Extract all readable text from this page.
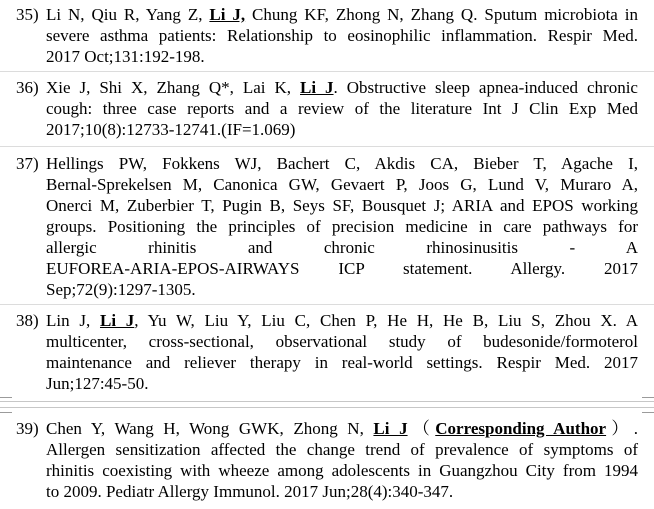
35) Li N, Qiu R, Yang Z, Li J, Chung KF, Zhong N, Zhang Q. Sputum microbiota in
severe asthma patients: Relationship to eosinophilic inflammation. Respir Med.
2017 Oct;131:192-198.
36) Xie J, Shi X, Zhang Q*, Lai K, Li J. Obstructive sleep apnea-induced chronic
cough: three case reports and a review of the literature Int J Clin Exp Med
2017;10(8):12733-12741.(IF=1.069)
37) Hellings PW, Fokkens WJ, Bachert C, Akdis CA, Bieber T, Agache I,
Bernal-Sprekelsen M, Canonica GW, Gevaert P, Joos G, Lund V, Muraro A,
Onerci M, Zuberbier T, Pugin B, Seys SF, Bousquet J; ARIA and EPOS working
groups. Positioning the principles of precision medicine in care pathways for
allergic rhinitis and chronic rhinosinusitis - A
EUFOREA-ARIA-EPOS-AIRWAYS ICP statement. Allergy. 2017
Sep;72(9):1297-1305.
38) Lin J, Li J, Yu W, Liu Y, Liu C, Chen P, He H, He B, Liu S, Zhou X. A
multicenter, cross-sectional, observational study of budesonide/formoterol
maintenance and reliever therapy in real-world settings. Respir Med. 2017
Jun;127:45-50.
39) Chen Y, Wang H, Wong GWK, Zhong N, Li J（Corresponding Author）.
Allergen sensitization affected the change trend of prevalence of symptoms of
rhinitis coexisting with wheeze among adolescents in Guangzhou City from 1994
to 2009. Pediatr Allergy Immunol. 2017 Jun;28(4):340-347.
